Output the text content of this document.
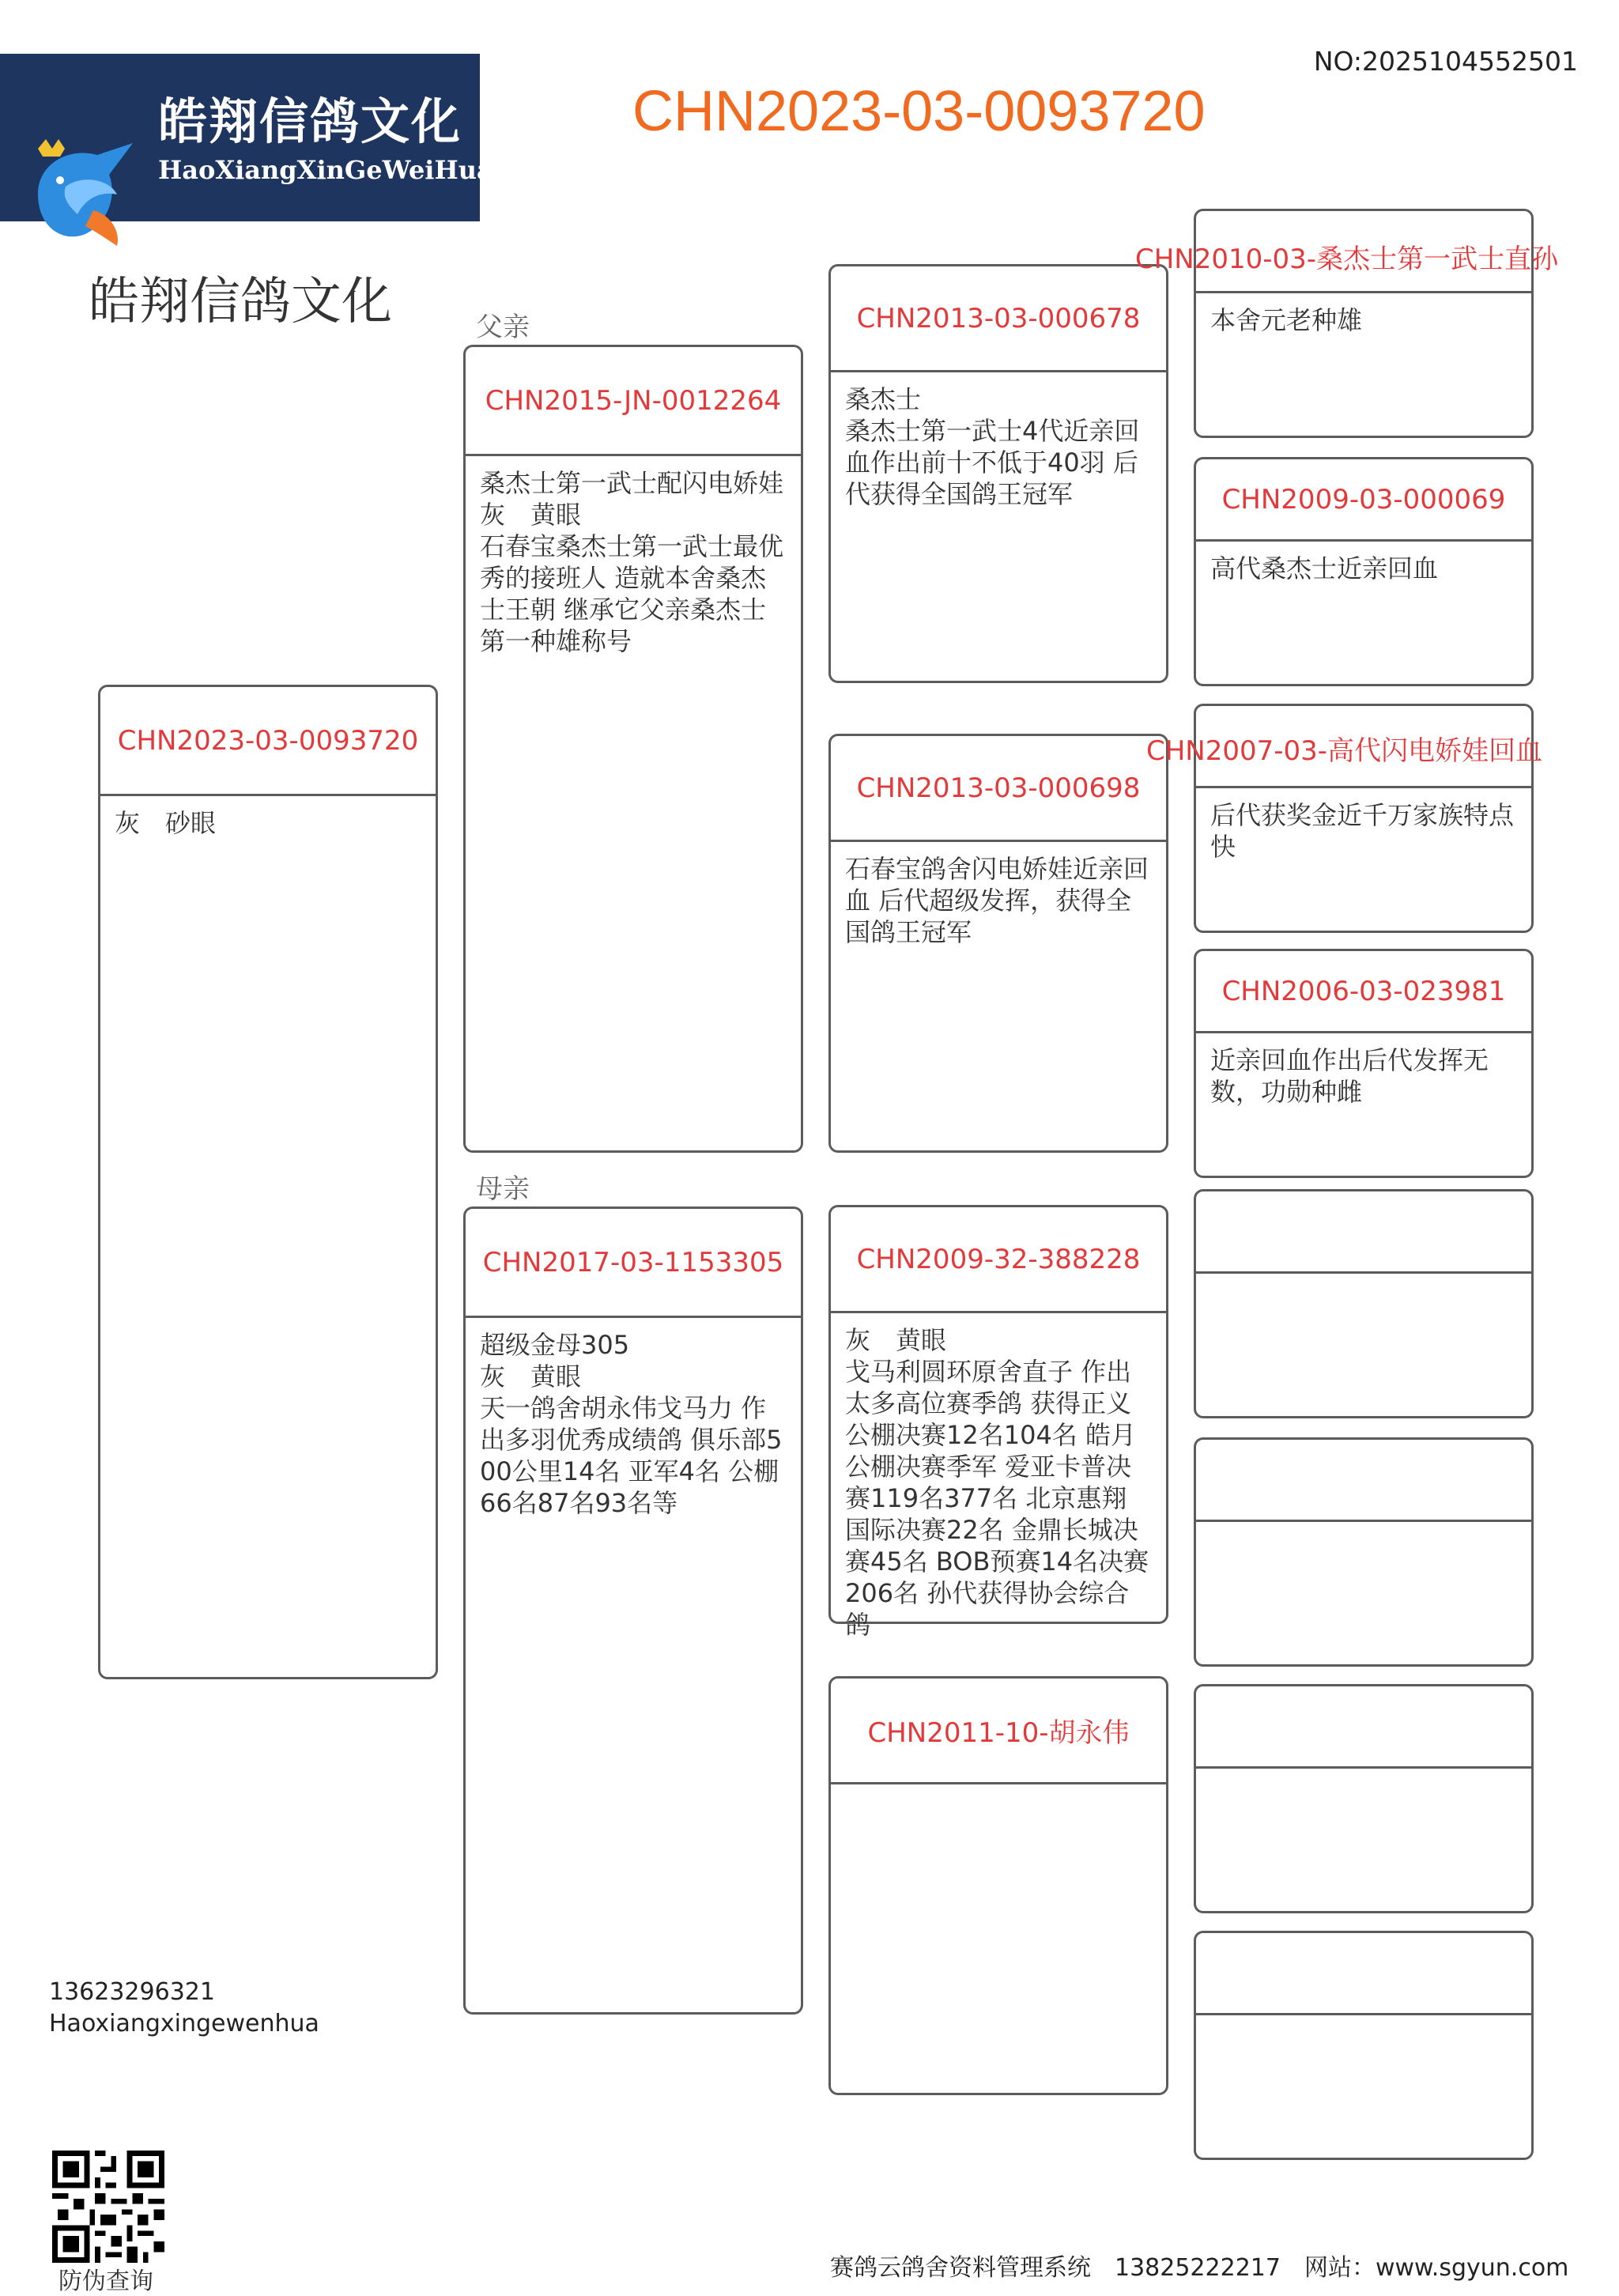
皓翔信鸽文化
HaoXiangXinGeWeiHua
NO:2025104552501
CHN2023-03-0093720
皓翔信鸽文化	父亲
母亲
CHN2023-03-0093720
灰　砂眼
CHN2015-JN-0012264
桑杰士第一武士配闪电娇娃
灰　黄眼
石春宝桑杰士第一武士最优秀的接班人 造就本舍桑杰士王朝 继承它父亲桑杰士第一种雄称号
CHN2017-03-1153305
超级金母305
灰　黄眼
天一鸽舍胡永伟戈马力 作出多羽优秀成绩鸽 俱乐部500公里14名 亚军4名 公棚66名87名93名等
CHN2013-03-000678
桑杰士
桑杰士第一武士4代近亲回血作出前十不低于40羽 后代获得全国鸽王冠军
CHN2013-03-000698
石春宝鸽舍闪电娇娃近亲回血 后代超级发挥，获得全国鸽王冠军
CHN2009-32-388228
灰　黄眼
戈马利圆环原舍直子 作出太多高位赛季鸽 获得正义公棚决赛12名104名 皓月公棚决赛季军 爱亚卡普决赛119名377名 北京惠翔国际决赛22名 金鼎长城决赛45名 BOB预赛14名决赛206名 孙代获得协会综合鸽
CHN2011-10-胡永伟
本舍元老种雄
CHN2010-03-桑杰士第一武士直孙
CHN2009-03-000069
高代桑杰士近亲回血
后代获奖金近千万家族特点快
CHN2007-03-高代闪电娇娃回血
CHN2006-03-023981
近亲回血作出后代发挥无数，功勋种雌
13623296321
Haoxiangxingewenhua
防伪查询	赛鸽云鸽舍资料管理系统　13825222217　网站：www.sgyun.com
